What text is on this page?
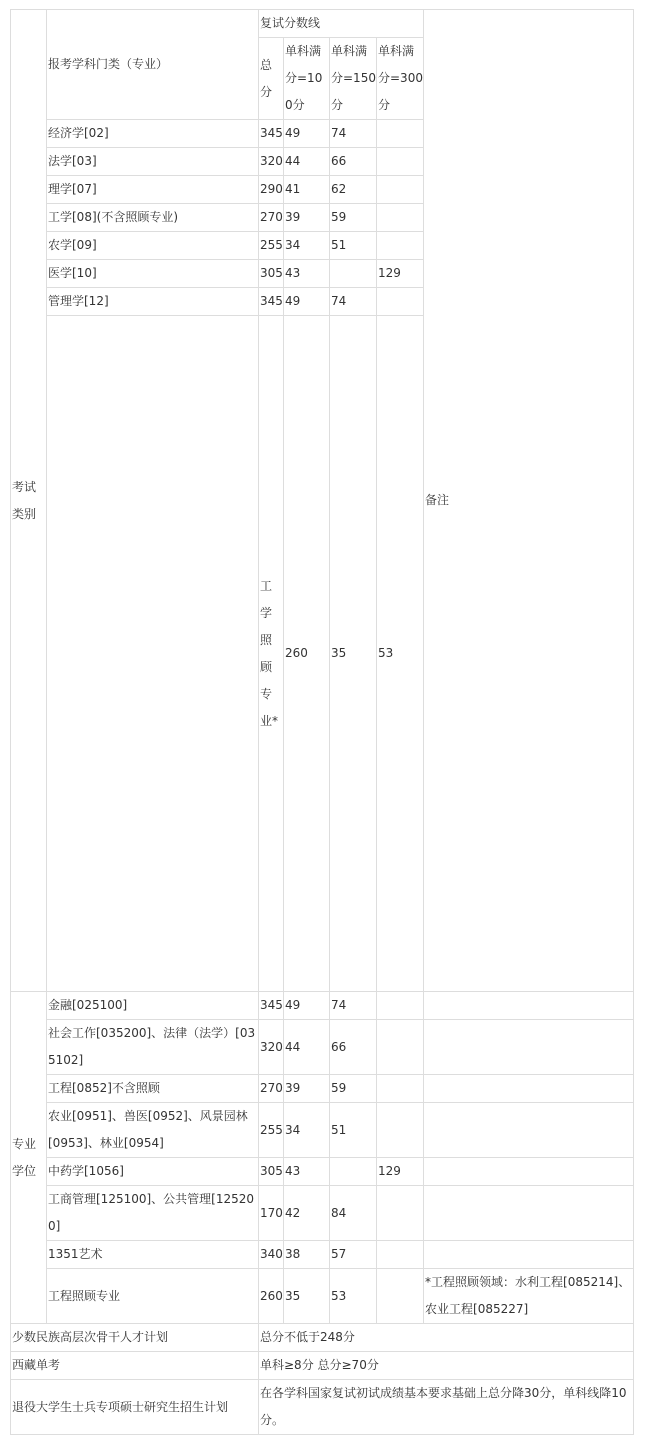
考试类别	报考学科门类（专业）	复试分数线				备注	
		总分	单科满分=100分	单科满分=150分	单科满分=300分		
	经济学[02]	345	49	74			
	法学[03]	320	44	66			
	理学[07]	290	41	62			
	工学[08](不含照顾专业)	270	39	59			
	农学[09]	255	34	51			
	医学[10]	305	43		129		
	管理学[12]	345	49	74			
		工学照顾专业*	260	35	53		
专业学位	金融[025100]	345	49	74			
	社会工作[035200]、法律（法学）[035102]	320	44	66			
	工程[0852]不含照顾	270	39	59			
	农业[0951]、兽医[0952]、风景园林[0953]、林业[0954]	255	34	51			
	中药学[1056]	305	43		129		
	工商管理[125100]、公共管理[125200]	170	42	84			
	1351艺术	340	38	57			
	工程照顾专业	260	35	53		*工程照顾领域：水利工程[085214]、农业工程[085227]	
少数民族高层次骨干人才计划		总分不低于248分					
西藏单考		单科≥8分 总分≥70分					
退役大学生士兵专项硕士研究生招生计划		在各学科国家复试初试成绩基本要求基础上总分降30分，单科线降10分。					
